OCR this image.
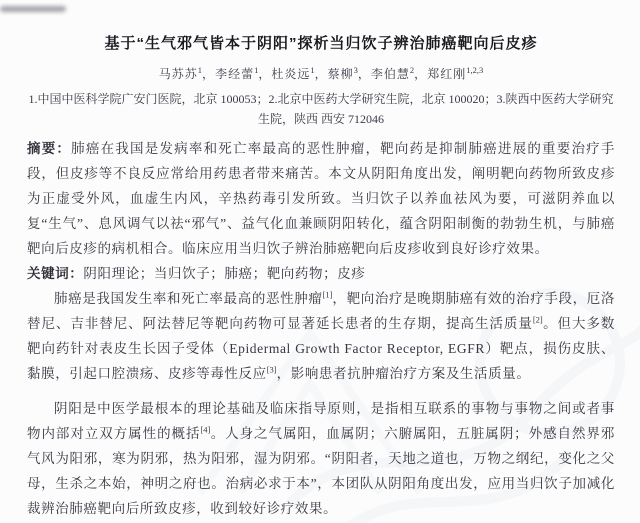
基于“生气邪气皆本于阴阳”探析当归饮子辨治肺癌靶向后皮疹
马苏苏$^1$，李经蕾$^1$，杜炎远$^1$，蔡柳$^3$，李伯慧$^2$，郑红刚$^{1,2,3}$
1.中国中医科学院广安门医院，北京 100053；2.北京中医药大学研究生院，北京 100020；3.陕西中医药大学研究生院，陕西 西安 712046

摘要：肺癌在我国是发病率和死亡率最高的恶性肿瘤，靶向药是抑制肺癌进展的重要治疗手段，但皮疹等不良反应常给用药患者带来痛苦。本文从阴阳角度出发，阐明靶向药物所致皮疹为正虚受外风，血虚生内风，辛热药毒引发所致。当归饮子以养血祛风为要，可滋阴养血以复“生气”、息风调气以祛“邪气”、益气化血兼顾阴阳转化，蕴含阴阳制衡的勃勃生机，与肺癌靶向后皮疹的病机相合。临床应用当归饮子辨治肺癌靶向后皮疹收到良好诊疗效果。

关键词：阴阳理论；当归饮子；肺癌；靶向药物；皮疹

肺癌是我国发生率和死亡率最高的恶性肿瘤[1]，靶向治疗是晚期肺癌有效的治疗手段，厄洛替尼、吉非替尼、阿法替尼等靶向药物可显著延长患者的生存期，提高生活质量[2]。但大多数靶向药针对表皮生长因子受体（Epidermal Growth Factor Receptor, EGFR）靶点，损伤皮肤、黏膜，引起口腔溃疡、皮疹等毒性反应[3]，影响患者抗肿瘤治疗方案及生活质量。

阴阳是中医学最根本的理论基础及临床指导原则，是指相互联系的事物与事物之间或者事物内部对立双方属性的概括[4]。人身之气属阳，血属阴；六腑属阳，五脏属阴；外感自然界邪气风为阳邪，寒为阴邪，热为阳邪，湿为阴邪。“阴阳者，天地之道也，万物之纲纪，变化之父母，生杀之本始，神明之府也。治病必求于本”，本团队从阴阳角度出发，应用当归饮子加减化裁辨治肺癌靶向后所致皮疹，收到较好诊疗效果。
